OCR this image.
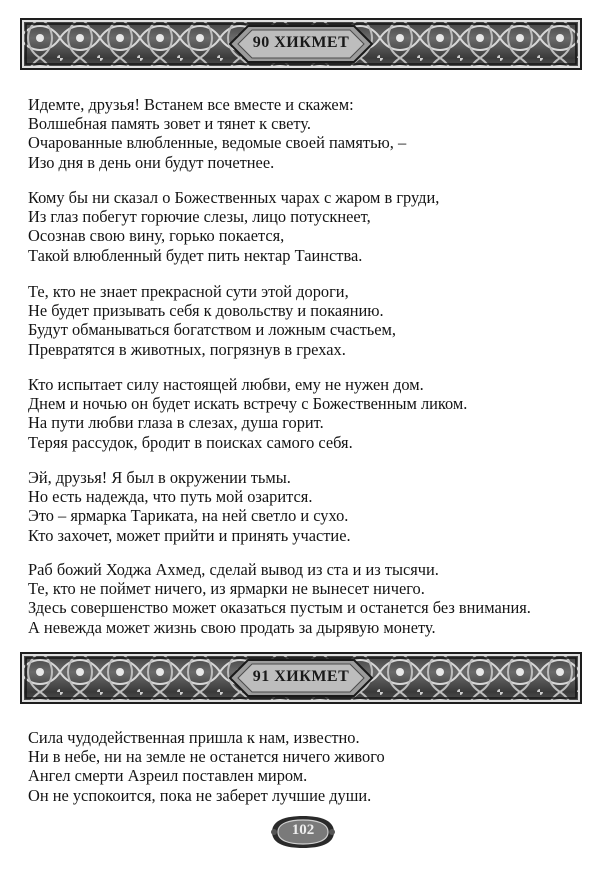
90 ХИКМЕТ
Идемте, друзья! Встанем все вместе и скажем:
Волшебная память зовет и тянет к свету.
Очарованные влюбленные, ведомые своей памятью, –
Изо дня в день они будут почетнее.
Кому бы ни сказал о Божественных чарах с жаром в груди,
Из глаз побегут горючие слезы, лицо потускнеет,
Осознав свою вину, горько покается,
Такой влюбленный будет пить нектар Таинства.
Те, кто не знает прекрасной сути этой дороги,
Не будет призывать себя к довольству и покаянию.
Будут обманываться богатством и ложным счастьем,
Превратятся в животных, погрязнув в грехах.
Кто испытает силу настоящей любви, ему не нужен дом.
Днем и ночью он будет искать встречу с Божественным ликом.
На пути любви глаза в слезах, душа горит.
Теряя рассудок, бродит в поисках самого себя.
Эй, друзья! Я был в окружении тьмы.
Но есть надежда, что путь мой озарится.
Это – ярмарка Тариката, на ней светло и сухо.
Кто захочет, может прийти и принять участие.
Раб божий Ходжа Ахмед, сделай вывод из ста и из тысячи.
Те, кто не поймет ничего, из ярмарки не вынесет ничего.
Здесь совершенство может оказаться пустым и останется без внимания.
А невежда может жизнь свою продать за дырявую монету.
91 ХИКМЕТ
Сила чудодейственная пришла к нам, известно.
Ни в небе, ни на земле не останется ничего живого
Ангел смерти Азреил поставлен миром.
Он не успокоится, пока не заберет лучшие души.
102
